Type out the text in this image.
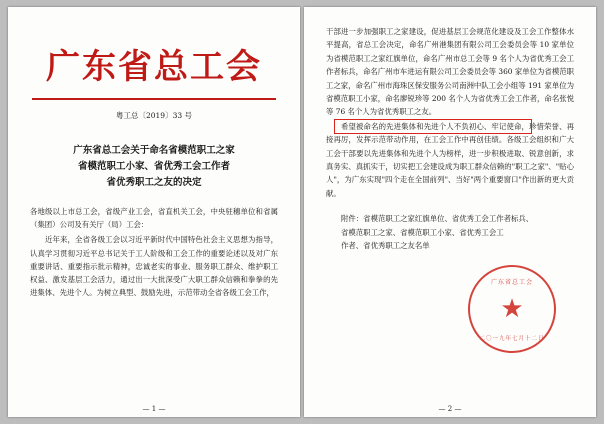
广东省总工会
粤工总〔2019〕33 号
广东省总工会关于命名省模范职工之家
省模范职工小家、省优秀工会工作者
省优秀职工之友的决定

各地级以上市总工会，省级产业工会，省直机关工会，中央驻穗单位和省属（集团）公司及有关厅（局）工会：

近年来，全省各级工会以习近平新时代中国特色社会主义思想为指导，认真学习贯彻习近平总书记关于工人阶级和工会工作的重要论述以及对广东重要讲话、重要指示批示精神，忠诚老实的事业、服务职工群众、维护职工权益、激发基层工会活力，通过出一大批深受广大职工群众信赖和拳拳的先进集体、先进个人。为树立典型、鼓励先进，示范带动全省各级工会工作，

— 1 —

干部进一步加强职工之家建设，促进基层工会规范化建设及工会工作整体水平提高，省总工会决定，命名广州港集团有限公司工会委员会等 10 家单位为省模范职工之家红旗单位，命名广州市总工会等 9 名个人为省优秀工会工作者标兵，命名广州市车进运有限公司工会委员会等 360 家单位为省模范职工之家，命名广州市海珠区保安服务公司南洲中队工会小组等 191 家单位为省模范职工小家，命名廖锐珍等 200 名个人为省优秀工会工作者，命名张悦等 76 名个人为省优秀职工之友。

希望被命名的先进集体和先进个人不负初心、牢记使命，珍惜荣誉、再接再厉，发挥示范带动作用，在工会工作中再创佳绩。各级工会组织和广大工会干部要以先进集体和先进个人为榜样，进一步积极进取、锐意创新，求真务实、真抓实干，切实把工会建设成为职工群众信赖的"职工之家"、"贴心人"，为广东实现"四个走在全国前列"、当好"两个重要窗口"作出新的更大贡献。

附件：省模范职工之家红旗单位、省优秀工会工作者标兵、

省模范职工之家、省模范职工小家、省优秀工会工

作者、省优秀职工之友名单

广东省总工会
★
二〇一九年七月十二日
— 2 —
